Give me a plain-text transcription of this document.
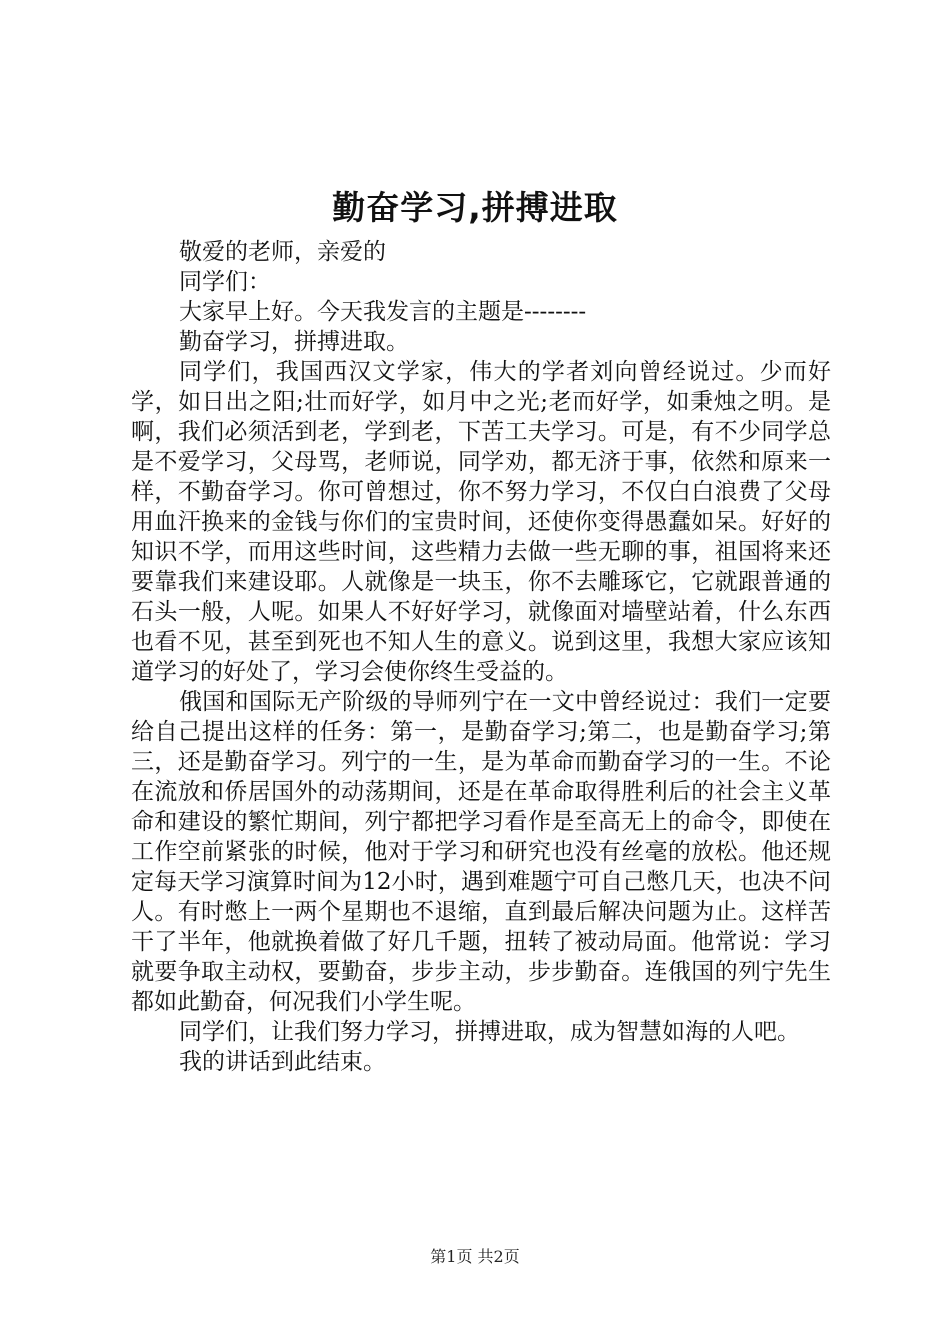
勤奋学习,拼搏进取

敬爱的老师，亲爱的

同学们：

大家早上好。今天我发言的主题是--------

勤奋学习，拼搏进取。

同学们，我国西汉文学家，伟大的学者刘向曾经说过。少而好学，如日出之阳;壮而好学，如月中之光;老而好学，如秉烛之明。是啊，我们必须活到老，学到老，下苦工夫学习。可是，有不少同学总是不爱学习，父母骂，老师说，同学劝，都无济于事，依然和原来一样，不勤奋学习。你可曾想过，你不努力学习，不仅白白浪费了父母用血汗换来的金钱与你们的宝贵时间，还使你变得愚蠢如呆。好好的知识不学，而用这些时间，这些精力去做一些无聊的事，祖国将来还要靠我们来建设耶。人就像是一块玉，你不去雕琢它，它就跟普通的石头一般，人呢。如果人不好好学习，就像面对墙壁站着，什么东西也看不见，甚至到死也不知人生的意义。说到这里，我想大家应该知道学习的好处了，学习会使你终生受益的。

俄国和国际无产阶级的导师列宁在一文中曾经说过：我们一定要给自己提出这样的任务：第一，是勤奋学习;第二，也是勤奋学习;第三，还是勤奋学习。列宁的一生，是为革命而勤奋学习的一生。不论在流放和侨居国外的动荡期间，还是在革命取得胜利后的社会主义革命和建设的繁忙期间，列宁都把学习看作是至高无上的命令，即使在工作空前紧张的时候，他对于学习和研究也没有丝毫的放松。他还规定每天学习演算时间为12小时，遇到难题宁可自己憋几天，也决不问人。有时憋上一两个星期也不退缩，直到最后解决问题为止。这样苦干了半年，他就换着做了好几千题，扭转了被动局面。他常说：学习就要争取主动权，要勤奋，步步主动，步步勤奋。连俄国的列宁先生都如此勤奋，何况我们小学生呢。

同学们，让我们努力学习，拼搏进取，成为智慧如海的人吧。

我的讲话到此结束。

第1页 共2页
